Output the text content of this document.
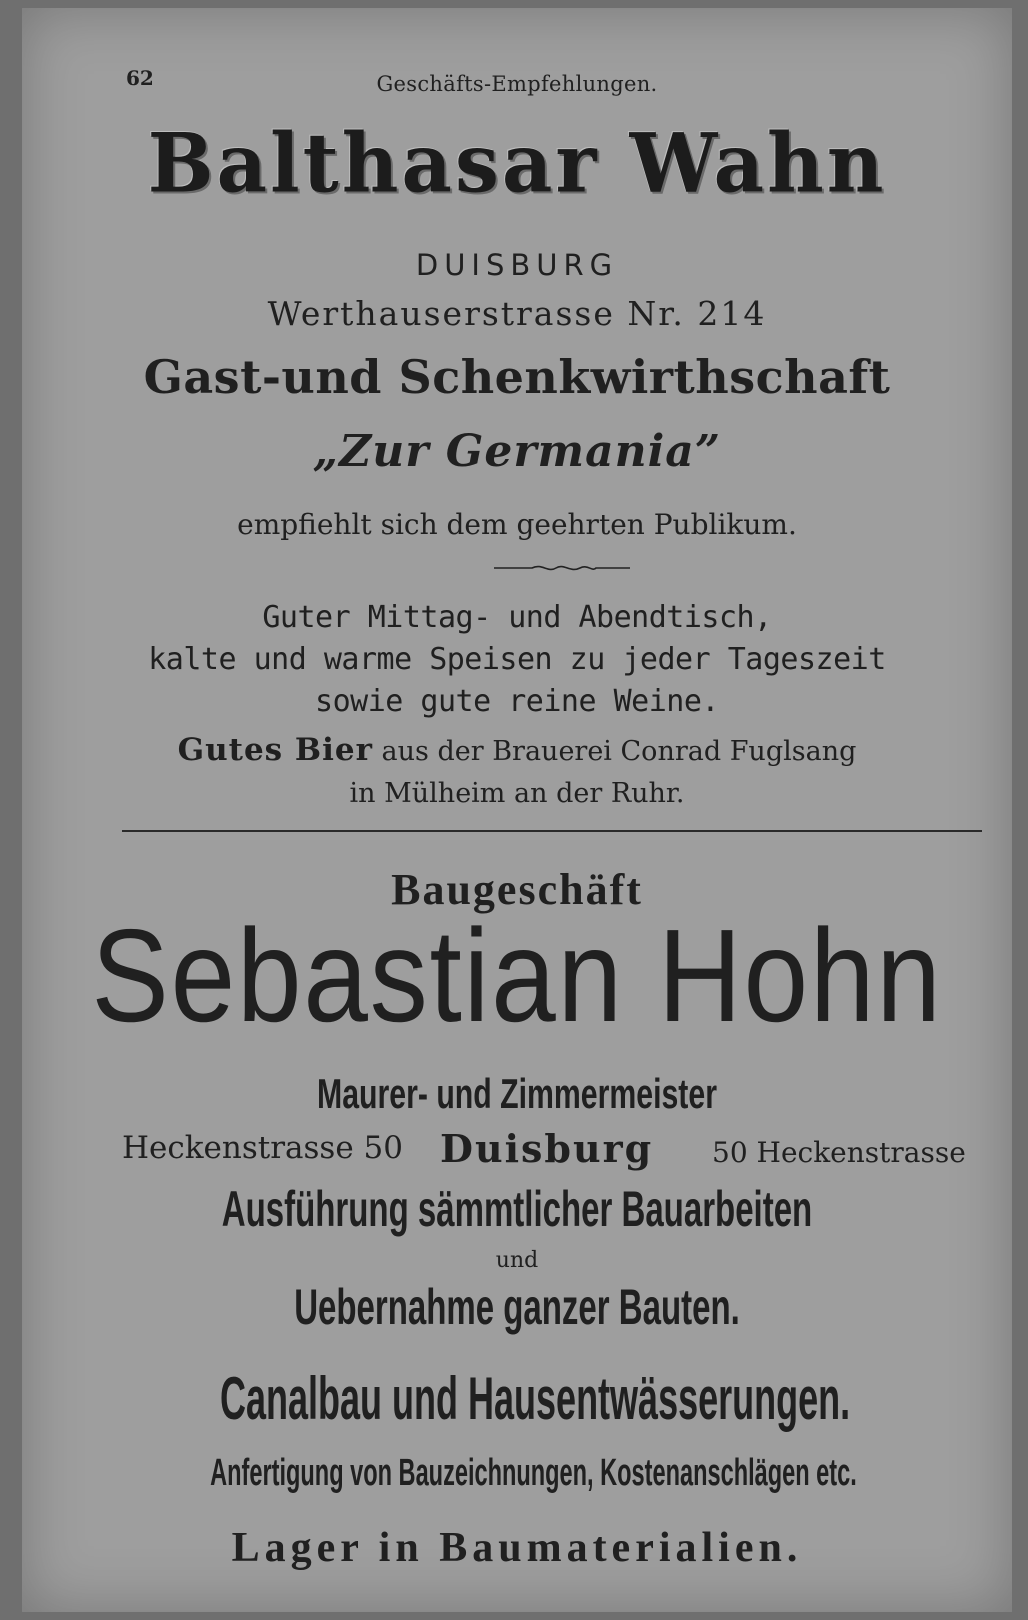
62	Geschäfts-Empfehlungen.
Balthasar Wahn
DUISBURG
Werthauserstrasse Nr. 214
Gast-und Schenkwirthschaft
„Zur Germania”
empfiehlt sich dem geehrten Publikum.
Guter Mittag- und Abendtisch,
kalte und warme Speisen zu jeder Tageszeit
sowie gute reine Weine.
Gutes Bier aus der Brauerei Conrad Fuglsang
in Mülheim an der Ruhr.
Baugeschäft
Sebastian Hohn
Maurer- und Zimmermeister
Heckenstrasse 50 Duisburg 50 Heckenstrasse
Ausführung sämmtlicher Bauarbeiten
und
Uebernahme ganzer Bauten.
Canalbau und Hausentwässerungen.
Anfertigung von Bauzeichnungen, Kostenanschlägen etc.
Lager in Baumaterialien.
